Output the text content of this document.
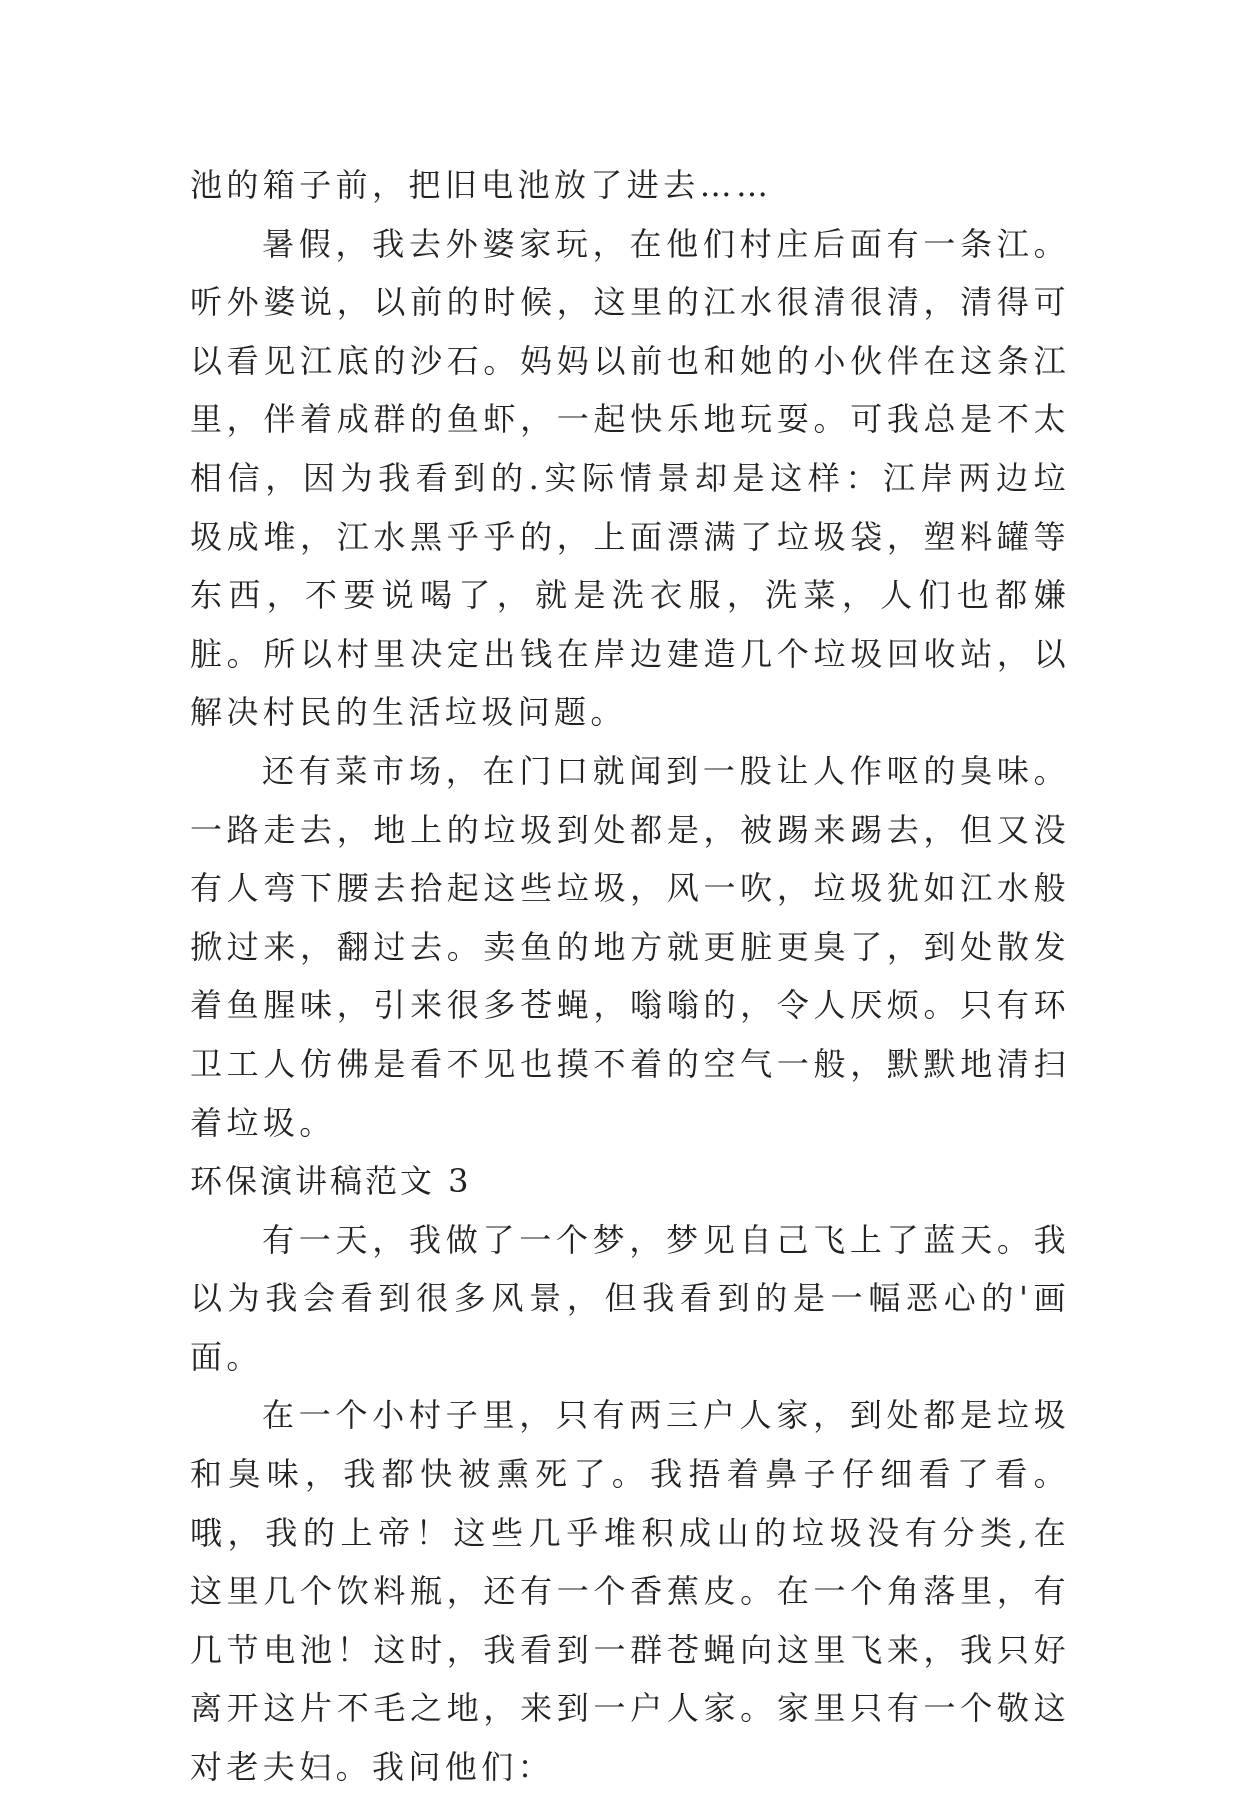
池的箱子前，把旧电池放了进去……

暑假，我去外婆家玩，在他们村庄后面有一条江。听外婆说，以前的时候，这里的江水很清很清，清得可以看见江底的沙石。妈妈以前也和她的小伙伴在这条江里，伴着成群的鱼虾，一起快乐地玩耍。可我总是不太相信，因为我看到的.实际情景却是这样：江岸两边垃圾成堆，江水黑乎乎的，上面漂满了垃圾袋，塑料罐等东西，不要说喝了，就是洗衣服，洗菜，人们也都嫌脏。所以村里决定出钱在岸边建造几个垃圾回收站，以解决村民的生活垃圾问题。

还有菜市场，在门口就闻到一股让人作呕的臭味。一路走去，地上的垃圾到处都是，被踢来踢去，但又没有人弯下腰去拾起这些垃圾，风一吹，垃圾犹如江水般掀过来，翻过去。卖鱼的地方就更脏更臭了，到处散发着鱼腥味，引来很多苍蝇，嗡嗡的，令人厌烦。只有环卫工人仿佛是看不见也摸不着的空气一般，默默地清扫着垃圾。

环保演讲稿范文 3

有一天，我做了一个梦，梦见自己飞上了蓝天。我以为我会看到很多风景，但我看到的是一幅恶心的'画面。

在一个小村子里，只有两三户人家，到处都是垃圾和臭味，我都快被熏死了。我捂着鼻子仔细看了看。哦，我的上帝！这些几乎堆积成山的垃圾没有分类,在这里几个饮料瓶，还有一个香蕉皮。在一个角落里，有几节电池！这时，我看到一群苍蝇向这里飞来，我只好离开这片不毛之地，来到一户人家。家里只有一个敬这对老夫妇。我问他们：
